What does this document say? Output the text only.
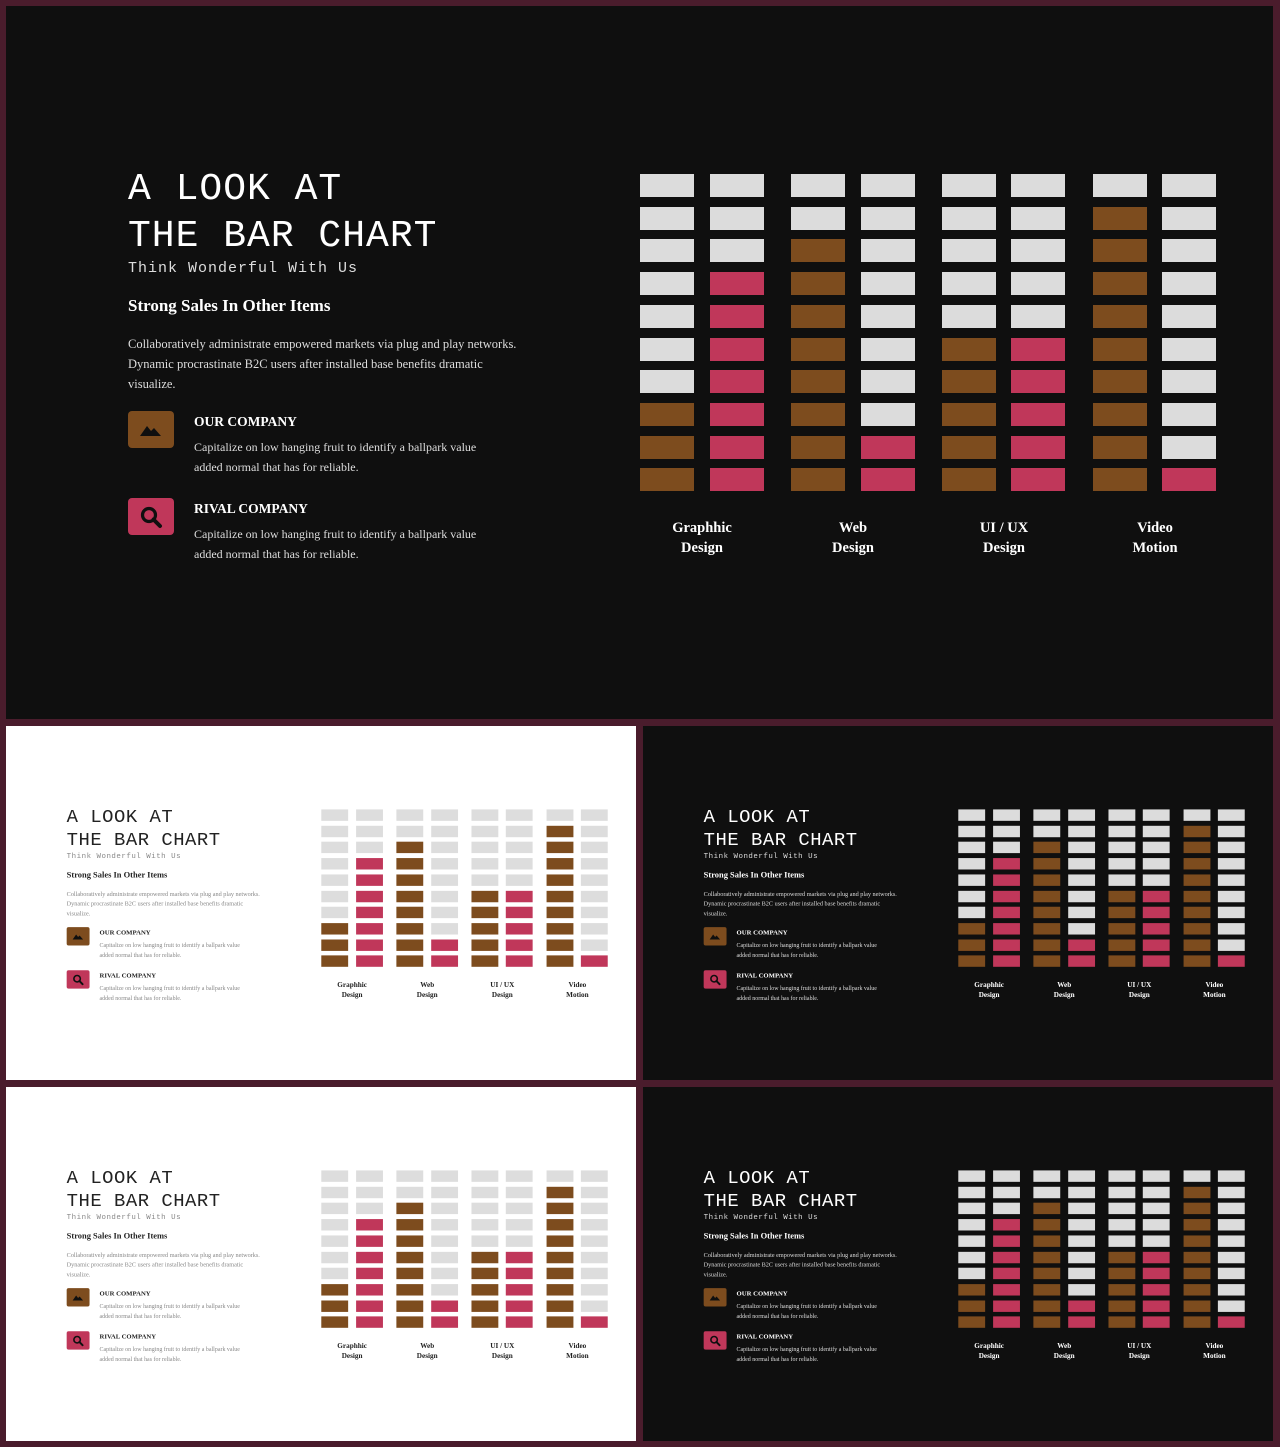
A LOOK AT
THE BAR CHART
Think Wonderful With Us
Strong Sales In Other Items
Collaboratively administrate empowered markets via plug and play networks. Dynamic procrastinate B2C users after installed base benefits dramatic visualize.
OUR COMPANY
Capitalize on low hanging fruit to identify a ballpark value added normal that has for reliable.
RIVAL COMPANY
Capitalize on low hanging fruit to identify a ballpark value added normal that has for reliable.
Graphhic
Design
Web
Design
UI / UX
Design
Video
Motion
A LOOK AT
THE BAR CHART
Think Wonderful With Us
Strong Sales In Other Items
Collaboratively administrate empowered markets via plug and play networks. Dynamic procrastinate B2C users after installed base benefits dramatic visualize.
OUR COMPANY
Capitalize on low hanging fruit to identify a ballpark value added normal that has for reliable.
RIVAL COMPANY
Capitalize on low hanging fruit to identify a ballpark value added normal that has for reliable.
Graphhic
Design
Web
Design
UI / UX
Design
Video
Motion
A LOOK AT
THE BAR CHART
Think Wonderful With Us
Strong Sales In Other Items
Collaboratively administrate empowered markets via plug and play networks. Dynamic procrastinate B2C users after installed base benefits dramatic visualize.
OUR COMPANY
Capitalize on low hanging fruit to identify a ballpark value added normal that has for reliable.
RIVAL COMPANY
Capitalize on low hanging fruit to identify a ballpark value added normal that has for reliable.
Graphhic
Design
Web
Design
UI / UX
Design
Video
Motion
A LOOK AT
THE BAR CHART
Think Wonderful With Us
Strong Sales In Other Items
Collaboratively administrate empowered markets via plug and play networks. Dynamic procrastinate B2C users after installed base benefits dramatic visualize.
OUR COMPANY
Capitalize on low hanging fruit to identify a ballpark value added normal that has for reliable.
RIVAL COMPANY
Capitalize on low hanging fruit to identify a ballpark value added normal that has for reliable.
Graphhic
Design
Web
Design
UI / UX
Design
Video
Motion
A LOOK AT
THE BAR CHART
Think Wonderful With Us
Strong Sales In Other Items
Collaboratively administrate empowered markets via plug and play networks. Dynamic procrastinate B2C users after installed base benefits dramatic visualize.
OUR COMPANY
Capitalize on low hanging fruit to identify a ballpark value added normal that has for reliable.
RIVAL COMPANY
Capitalize on low hanging fruit to identify a ballpark value added normal that has for reliable.
Graphhic
Design
Web
Design
UI / UX
Design
Video
Motion
